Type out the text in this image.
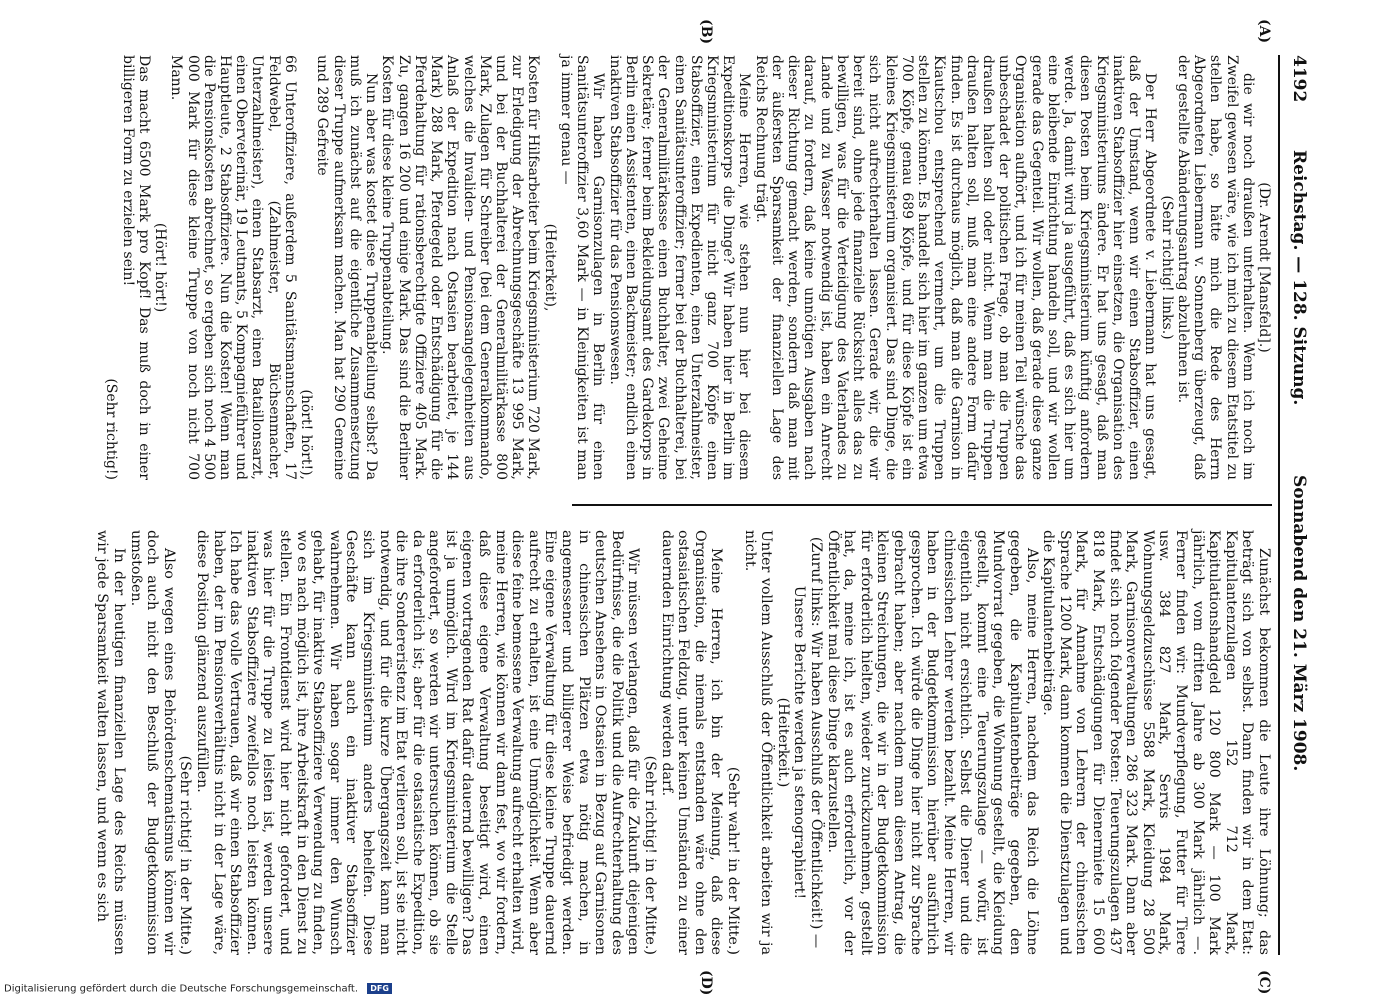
4192
Reichstag. — 128. Sitzung.
Sonnabend den 21. März 1908.
(A)
(B)
(C)
(D)

(Dr. Arendt [Mansfeld].)

die wir noch draußen unterhalten. Wenn ich noch im Zweifel gewesen wäre, wie ich mich zu diesem Etatstitel zu stellen habe, so hätte mich die Rede des Herrn Abgeordneten Liebermann v. Sonnenberg überzeugt, daß der gestellte Abänderungsantrag abzulehnen ist.

(Sehr richtig! links.)

Der Herr Abgeordnete v. Liebermann hat uns gesagt, daß der Umstand, wenn wir einen Stabsoffizier, einen inaktiven Stabsoffizier hier einsetzen, die Organisation des Kriegsministeriums ändere. Er hat uns gesagt, daß man diesen Posten beim Kriegsministerium künftig anfordern werde. Ja, damit wird ja ausgeführt, daß es sich hier um eine bleibende Einrichtung handeln soll, und wir wollen gerade das Gegenteil. Wir wollen, daß gerade diese ganze Organisation aufhört, und ich für meinen Teil wünsche das unbeschadet der politischen Frage, ob man die Truppen draußen halten soll oder nicht. Wenn man die Truppen draußen halten soll, muß man eine andere Form dafür finden. Es ist durchaus möglich, daß man die Garnison in Kiautschou entsprechend vermehrt, um die Truppen stellen zu können. Es handelt sich hier im ganzen um etwa 700 Köpfe, genau 689 Köpfe, und für diese Köpfe ist ein kleines Kriegsministerium organisiert. Das sind Dinge, die sich nicht aufrechterhalten lassen. Gerade wir, die wir bereit sind, ohne jede finanzielle Rücksicht alles das zu bewilligen, was für die Verteidigung des Vaterlandes zu Lande und zu Wasser notwendig ist, haben ein Anrecht darauf, zu fordern, daß keine unnötigen Ausgaben nach dieser Richtung gemacht werden, sondern daß man mit der äußersten Sparsamkeit der finanziellen Lage des Reichs Rechnung trägt.

Meine Herren, wie stehen nun hier bei diesem Expeditionskorps die Dinge? Wir haben hier in Berlin im Kriegsministerium für nicht ganz 700 Köpfe einen Stabsoffizier, einen Expedienten, einen Unterzahlmeister, einen Sanitätsunteroffizier; ferner bei der Buchhalterei, bei der Generalmilitärkasse einen Buchhalter, zwei Geheime Sekretäre; ferner beim Bekleidungsamt des Gardekorps in Berlin einen Assistenten, einen Backmeister; endlich einen inaktiven Stabsoffizier für das Pensionswesen.

Wir haben Garnisonzulagen in Berlin für einen Sanitätsunteroffizier 3,60 Mark — in Kleinigkeiten ist man ja immer genau —

(Heiterkeit),

Kosten für Hilfsarbeiter beim Kriegsministerium 720 Mark, zur Erledigung der Abrechnungsgeschäfte 13 995 Mark, und bei der Buchhalterei der Generalmilitärkasse 800 Mark, Zulagen für Schreiber (bei dem Generalkommando, welches die Invaliden- und Pensionsangelegenheiten aus Anlaß der Expedition nach Ostasien bearbeitet, je 144 Mark) 288 Mark, Pferdegeld oder Entschädigung für die Pferdehaltung für rationsberechtigte Offiziere 405 Mark. Zu, gangen 16 200 und einige Mark. Das sind die Berliner Kosten für diese kleine Truppenabteilung.

Nun aber was kostet diese Truppenabteilung selbst? Da muß ich zunächst auf die eigentliche Zusammensetzung dieser Truppe aufmerksam machen. Man hat 290 Gemeine und 289 Gefreite

(hört! hört!),

66 Unteroffiziere, außerdem 5 Sanitätsmannschaften, 17 Feldwebel, (Zahlmeister, Büchsenmacher, Unterzahlmeister), einen Stabsarzt, einen Bataillonsarzt, einen Oberveterinär, 19 Leutnants, 5 Kompagnieführer und Hauptleute, 2 Stabsoffiziere. Nun die Kosten! Wenn man die Pensionskosten abrechnet, so ergeben sich noch 4 500 000 Mark für diese kleine Truppe von noch nicht 700 Mann.

(Hört! hört!)

Das macht 6500 Mark pro Kopf! Das muß doch in einer billigeren Form zu erzielen sein!

(Sehr richtig!)

Zunächst bekommen die Leute ihre Löhnung; das beträgt sich von selbst. Dann finden wir in dem Etat: Kapitulantenzulagen 152 712 Mark, Kapitulationshandgeld 120 800 Mark — 100 Mark jährlich, vom dritten Jahre ab 300 Mark jährlich —. Ferner finden wir: Mundverpflegung, Futter für Tiere usw. 384 827 Mark, Servis 1984 Mark, Wohnungsgeldzuschüsse 5588 Mark, Kleidung 28 500 Mark, Garnisonverwaltungen 286 323 Mark. Dann aber findet sich noch folgender Posten: Teuerungszulagen 437 818 Mark, Entschädigungen für Dienermiete 15 600 Mark, für Annahme von Lehrern der chinesischen Sprache 1200 Mark, dann kommen die Dienstzulagen und die Kapitulantenbeiträge.

Also, meine Herren, nachdem das Reich die Löhne gegeben, die Kapitulantenbeiträge gegeben, den Mundvorrat gegeben, die Wohnung gestellt, die Kleidung gestellt, kommt eine Teuerungszulage — wofür, ist eigentlich nicht ersichtlich. Selbst die Diener und die chinesischen Lehrer werden bezahlt. Meine Herren, wir haben in der Budgetkommission hierüber ausführlich gesprochen. Ich würde die Dinge hier nicht zur Sprache gebracht haben; aber nachdem man diesen Antrag, die kleinen Streichungen, die wir in der Budgetkommission für erforderlich hielten, wieder zurückzunehmen, gestellt hat, da, meine ich, ist es auch erforderlich, vor der Öffentlichkeit mal diese Dinge klarzustellen.

(Zuruf links: Wir haben Ausschluß der Öffentlichkeit!) — Unsere Berichte werden ja stenographiert!

(Heiterkeit.)

Unter vollem Ausschluß der Öffentlichkeit arbeiten wir ja nicht.

(Sehr wahr! in der Mitte.)

Meine Herren, ich bin der Meinung, daß diese Organisation, die niemals entstanden wäre ohne den ostasiatischen Feldzug, unter keinen Umständen zu einer dauernden Einrichtung werden darf.

(Sehr richtig! in der Mitte.)

Wir müssen verlangen, daß für die Zukunft diejenigen Bedürfnisse, die die Politik und die Aufrechterhaltung des deutschen Ansehens in Ostasien in Bezug auf Garnisonen in chinesischen Plätzen etwa nötig machen, in angemessener und billigerer Weise befriedigt werden. Eine eigene Verwaltung für diese kleine Truppe dauernd aufrecht zu erhalten, ist eine Unmöglichkeit. Wenn aber diese feine bemessene Verwaltung aufrecht erhalten wird, meine Herren, wie können wir dann fest, wo wir fordern, daß diese eigene Verwaltung beseitigt wird, einen eigenen vortragenden Rat dafür dauernd bewilligen? Das ist ja unmöglich. Wird im Kriegsministerium die Stelle angefordert, so werden wir untersuchen können, ob sie da erforderlich ist; aber für die ostasiatische Expedition, die ihre Sondereristenz im Etat verlieren soll, ist sie nicht notwendig, und für die kurze Übergangszeit kann man sich im Kriegsministerium anders behelfen. Diese Geschäfte kann auch ein inaktiver Stabsoffizier wahrnehmen. Wir haben sogar immer den Wunsch gehabt, für inaktive Stabsoffiziere Verwendung zu finden, wo es nach möglich ist, ihre Arbeitskraft in den Dienst zu stellen. Ein Frontdienst wird hier nicht gefordert, und was hier für die Truppe zu leisten ist, werden unsere inaktiven Stabsoffiziere zweifellos noch leisten können. Ich habe das volle Vertrauen, daß wir einen Stabsoffizier haben, der im Pensionsverhältnis nicht in der Lage wäre, diese Position glänzend auszufüllen.

(Sehr richtig! in der Mitte.)

Also wegen eines Behördenschematismus können wir doch auch nicht den Beschluß der Budgetkommission umstoßen.

In der heutigen finanziellen Lage des Reichs müssen wir jede Sparsamkeit walten lassen, und wenn es sich

Digitalisierung gefördert durch die Deutsche Forschungsgemeinschaft. DFG
